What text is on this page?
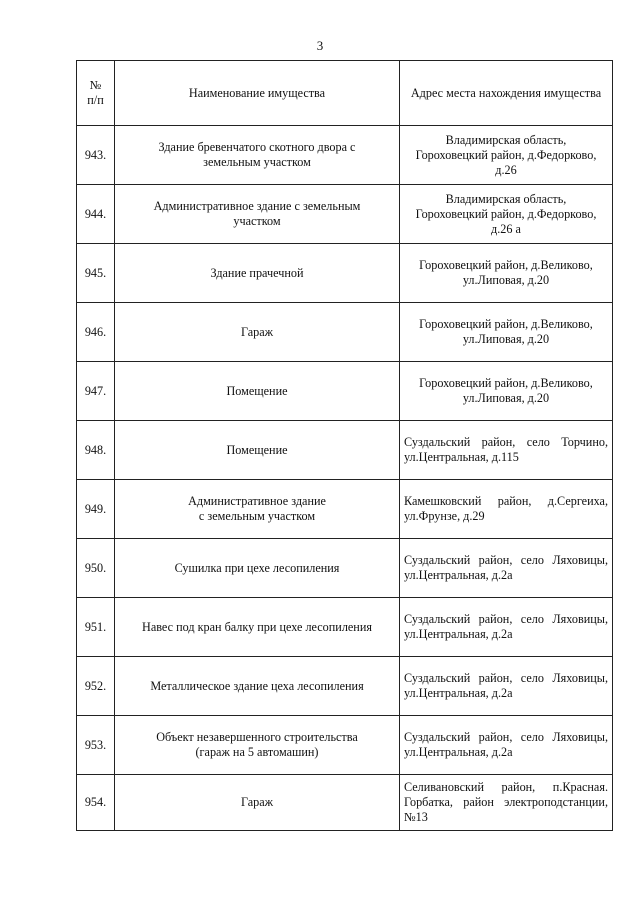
3
№
п/п	Наименование имущества	Адрес места нахождения имущества
943.	Здание бревенчатого скотного двора с
земельным участком	Владимирская область,
Гороховецкий район, д.Федорково,
д.26

944.	Административное здание с земельным
участком	Владимирская область,
Гороховецкий район, д.Федорково,
д.26 а

945.	Здание прачечной	Гороховецкий район, д.Великово,
ул.Липовая, д.20

946.	Гараж	Гороховецкий район, д.Великово,
ул.Липовая, д.20

947.	Помещение	Гороховецкий район, д.Великово,
ул.Липовая, д.20

948.	Помещение	Суздальский район, село Торчино,
ул.Центральная, д.115

949.	Административное здание
с земельным участком	Камешковский район, д.Сергеиха,
ул.Фрунзе, д.29

950.	Сушилка при цехе лесопиления	Суздальский район, село Ляховицы,
ул.Центральная, д.2а

951.	Навес под кран балку при цехе лесопиления	Суздальский район, село Ляховицы,
ул.Центральная, д.2а

952.	Металлическое здание цеха лесопиления	Суздальский район, село Ляховицы,
ул.Центральная, д.2а

953.	Объект незавершенного строительства
(гараж на 5 автомашин)	Суздальский район, село Ляховицы,
ул.Центральная, д.2а

954.	Гараж	Селивановский район, п.Красная.
Горбатка, район электроподстанции,
№13
